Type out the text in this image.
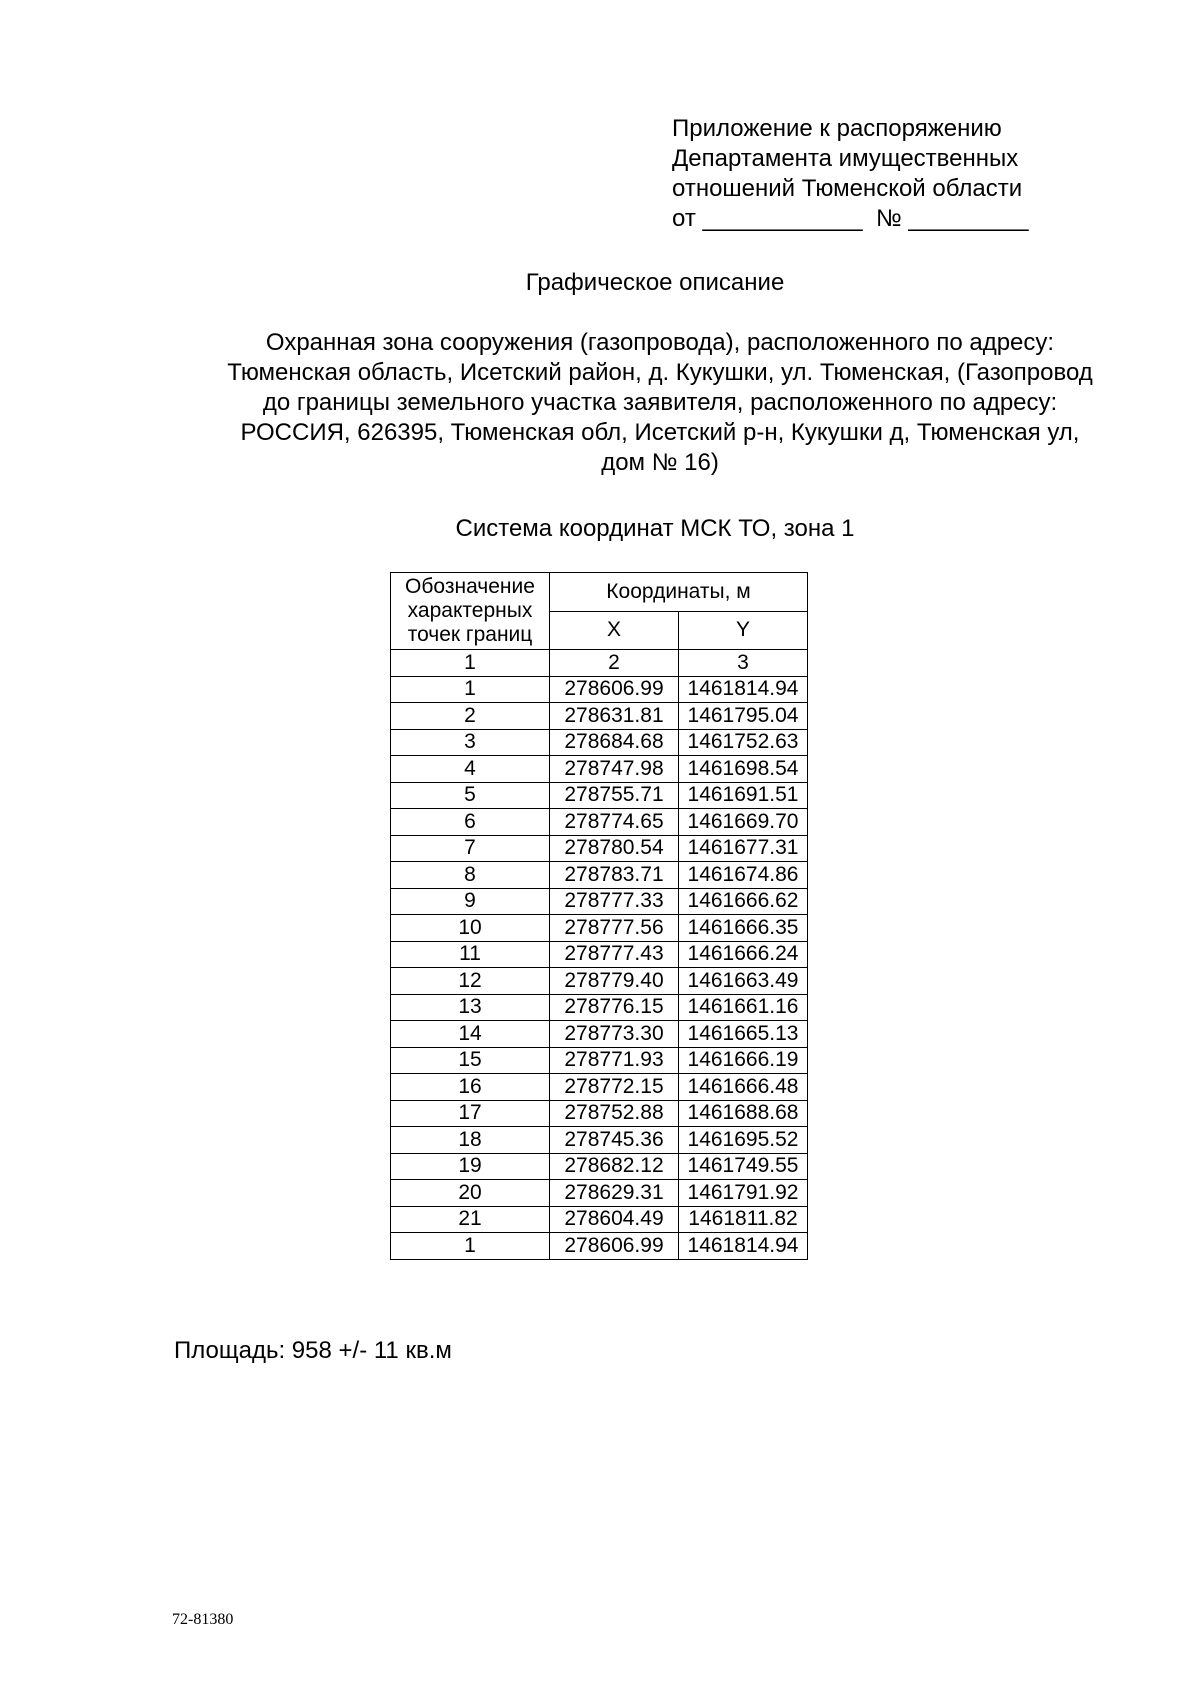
Приложение к распоряжению
Департамента имущественных
отношений Тюменской области
от ____________  № _________
Графическое описание
Охранная зона сооружения (газопровода), расположенного по адресу:
Тюменская область, Исетский район, д. Кукушки, ул. Тюменская, (Газопровод
до границы земельного участка заявителя, расположенного по адресу:
РОССИЯ, 626395, Тюменская обл, Исетский р-н, Кукушки д, Тюменская ул,
дом № 16)
Система координат МСК ТО, зона 1
Обозначение характерных точек границ	Координаты, м	
	X	Y
1	2	3
1	278606.99	1461814.94
2	278631.81	1461795.04
3	278684.68	1461752.63
4	278747.98	1461698.54
5	278755.71	1461691.51
6	278774.65	1461669.70
7	278780.54	1461677.31
8	278783.71	1461674.86
9	278777.33	1461666.62
10	278777.56	1461666.35
11	278777.43	1461666.24
12	278779.40	1461663.49
13	278776.15	1461661.16
14	278773.30	1461665.13
15	278771.93	1461666.19
16	278772.15	1461666.48
17	278752.88	1461688.68
18	278745.36	1461695.52
19	278682.12	1461749.55
20	278629.31	1461791.92
21	278604.49	1461811.82
1	278606.99	1461814.94
Площадь: 958 +/- 11 кв.м
72-81380
